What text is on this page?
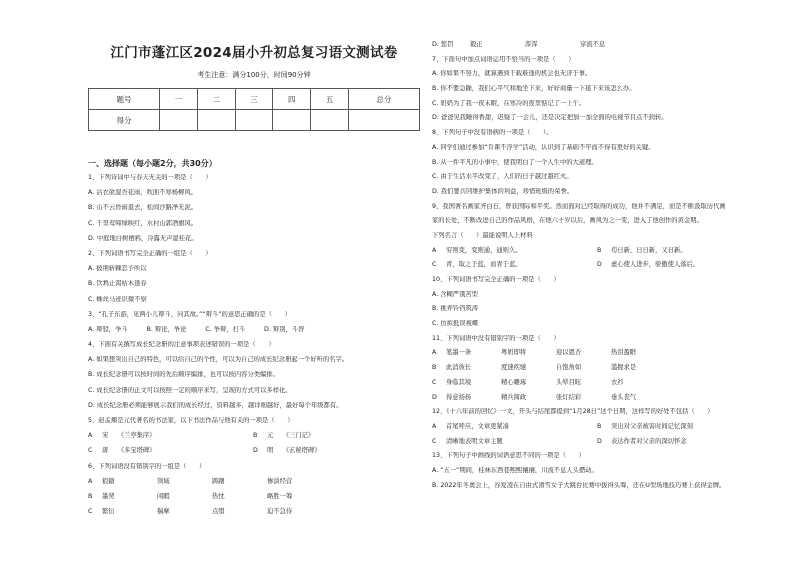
江门市蓬江区2024届小升初总复习语文测试卷
考生注意：满分100分，时间90分钟
题号	一	二	三	四	五	总分
得分						
一、选择题（每小题2分，共30分）
1、下列诗词中与春天无关的一项是（　　）
A. 沾衣欲湿杏花雨，吹面不寒杨柳风。
B. 山不云昏雨退去，松间沙路净无泥。
C. 千里莺啼绿映红，水村山郭酒旗风。
D. 中庭地白树栖鸦，冷露无声湿桂花。
2、下列词语书写完全正确的一组是（　　）
A. 披荆斩棘恋予所以
B. 饮鸩止渴枯木逢春
C. 蛛丝马迹识微不察
3、“孔子东游，见两小儿辩斗，问其故。”“辩斗”的意思正确的是（　　）
A. 辩驳，争斗　　　B. 辩论，争论　　　C. 争辩，打斗　　　D. 辩别，斗智
4、下面有关撰写成长纪念册的注意事项表述错误的一项是（　　）
A. 如果想突出自己的特色，可以给自己的个性，可以为自己的成长纪念册起一个好听的名字。
B. 成长纪念册可以按时间的先后顺序编排，也可以按内容分类编排。
C. 成长纪念册的正文可以按照一定的顺序来写，呈现的方式可以多样化。
D. 成长纪念册必须能够展示我们的成长经过，资料越多，越详细越好，最好每个年级都有。
5、赵孟頫是元代著名的书法家，以下书法作品与他有关的一项是（　　）
A 宋　　 《兰亭集序》	B 元　　 《三门记》
C 唐　　 《多宝塔碑》	D 明　　 《玄秘塔碑》
6、下列词语没有错别字的一组是（　　）
A	狼籍	领域	踌躇	惨淡经营
B	墨契	闲暇	热忱	略胜一筹
C	繁衍	揣摩	点缀	迫不急待
D. 惩罚	毅正	浑浑	穿流不息
7、下面句中加点词语运用不恰当的一项是（　　）
A. 你如果不努力，就算遇到千载难逢的机会也无济于事。
B. 你不要急躁，我们心平气和地坐下来，好好商量一下接下来该怎么办。
C. 奶奶为了我一夜未眠，在寒冷的夜里惦记了一上午。
D. 爸爸见我睡得香甜，迟疑了一会儿，还是决定把加一加全面的电视节目点不到转。
8、下列句子中没有语病的一项是（　　）。
A. 同学们通过参加“肯课不浮学”活动，认识到了基础不牢而不得有更好的关键。
B. 从一件平凡的小事中，使我明白了一个人生中的大道理。
C. 由于生活水平改变了，人们的日子越过越红火。
D. 我们要共同维护集体的利益，珍惜班级的荣誉。
9、我国著名画家齐白石，曾获国际和平奖。然而面对已经取得的成功，他并不满足，而是不断汲取历代画
家的长处，不断改进自己的作品风格，在他六十岁以后，画风为之一变，进入了他创作的黄金期。
下列名言（　　）最能说明人上材料
A 穷则变，变则通，通则久。	B 苟日新，日日新，又日新。
C 青，取之于蓝，而青于蓝。	D 虚心使人进步，骄傲使人落后。
10、下列词语书写完全正确的一项是（　　）
A. 含糊严饿苦型
B. 挑弄铃铛筑涛
C. 仿拟抵误视蝶
11、下列词语中没有错别字的一项是（　　）
A	笔墨一条	粤奶即将	迎以恩杏	热泪盈眶
B	此消彼长	度速疾驰	自饱角如	滥握求是
C	身临其境	精心雕琢	头晕目眩	衣衫
D	得意扬扬	精兵简政	张灯结彩	垂头丧气
12、《十六年前的回忆》一文，开头与结尾都提到“1月28日”这个日期，这样写的好处不包括（　　）
A 首尾呼应，文章更紧凑	B 突出对父亲被害时间记忆深刻
C 清晰地表明文章主题	D 表达作者对父亲的深切怀念
13、下列句子中画线的词语意思不同的一项是（　　）
A. “五一”期间，桂林东西巷熙熙攘攘，川流不息人头攒动。
B. 2022年冬奥会上，谷爱凌在自由式滑雪女子大跳台比赛中拔得头筹，还在U型场地技巧赛上获得金牌。
